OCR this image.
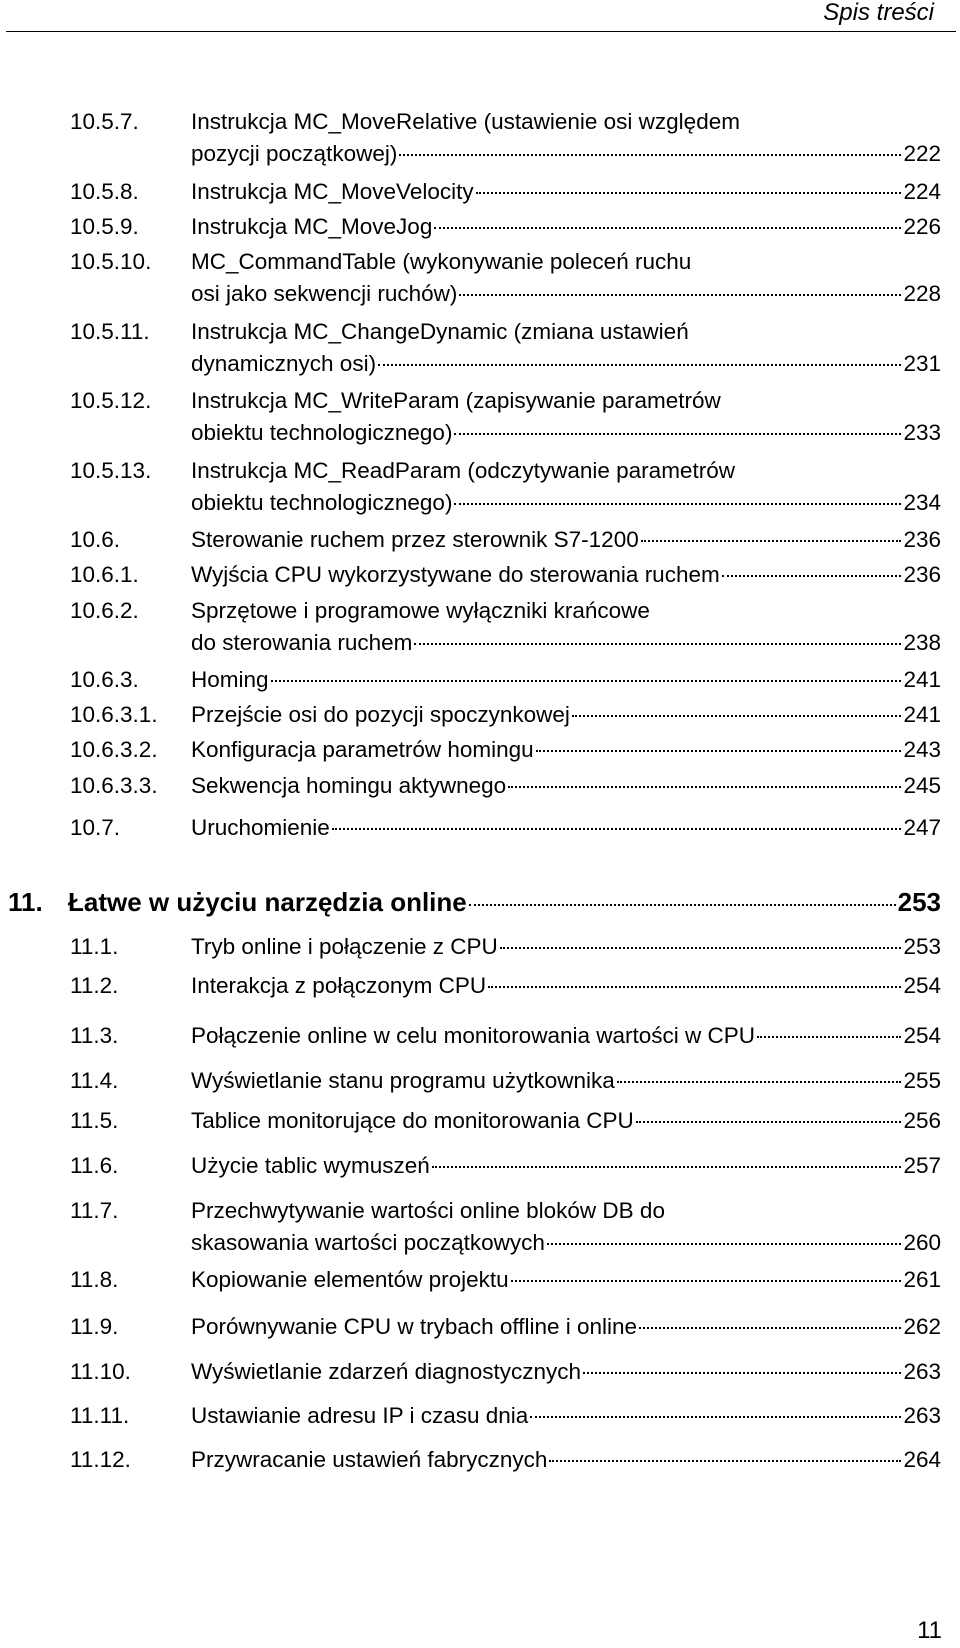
Spis treści
10.5.7. Instrukcja MC_MoveRelative (ustawienie osi względem
pozycji początkowej)	222
10.5.8. Instrukcja MC_MoveVelocity	224
10.5.9. Instrukcja MC_MoveJog	226
10.5.10. MC_CommandTable (wykonywanie poleceń ruchu
osi jako sekwencji ruchów)	228
10.5.11. Instrukcja MC_ChangeDynamic (zmiana ustawień
dynamicznych osi)	231
10.5.12. Instrukcja MC_WriteParam (zapisywanie parametrów
obiektu technologicznego)	233
10.5.13. Instrukcja MC_ReadParam (odczytywanie parametrów
obiektu technologicznego)	234
10.6.	Sterowanie ruchem przez sterownik S7-1200	236
10.6.1. Wyjścia CPU wykorzystywane do sterowania ruchem	236
10.6.2. Sprzętowe i programowe wyłączniki krańcowe
do sterowania ruchem	238
10.6.3. Homing	241
10.6.3.1. Przejście osi do pozycji spoczynkowej	241
10.6.3.2. Konfiguracja parametrów homingu	243
10.6.3.3. Sekwencja homingu aktywnego	245
10.7.	Uruchomienie	247
11. Łatwe w użyciu narzędzia online	253
11.1.	Tryb online i połączenie z CPU	253
11.2.	Interakcja z połączonym CPU	254
11.3.	Połączenie online w celu monitorowania wartości w CPU	254
11.4.	Wyświetlanie stanu programu użytkownika	255
11.5.	Tablice monitorujące do monitorowania CPU	256
11.6.	Użycie tablic wymuszeń	257
11.7.	Przechwytywanie wartości online bloków DB do
skasowania wartości początkowych	260
11.8.	Kopiowanie elementów projektu	261
11.9.	Porównywanie CPU w trybach offline i online	262
11.10.	Wyświetlanie zdarzeń diagnostycznych	263
11.11.	Ustawianie adresu IP i czasu dnia	263
11.12.	Przywracanie ustawień fabrycznych	264
11
